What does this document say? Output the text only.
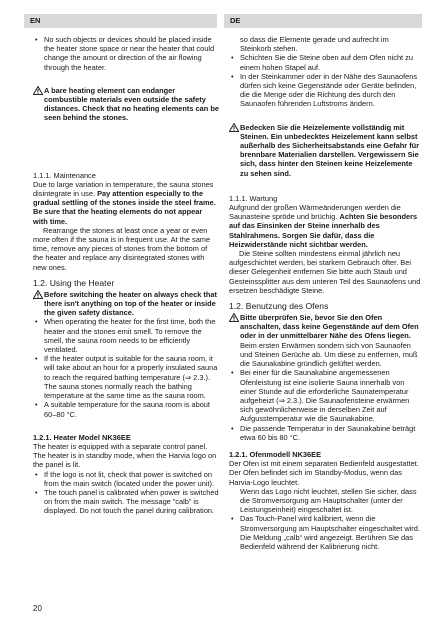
EN	DE
• No such objects or devices should be placed inside the heater stone space or near the heater that could change the amount or direction of the air flowing through the heater.

A bare heating element can endanger combustible materials even outside the safety distances. Check that no heating elements can be seen behind the stones.

1.1.1. Maintenance

Due to large variation in temperature, the sauna stones disintegrate in use. Pay attention especially to the gradual settling of the stones inside the steel frame. Be sure that the heating elements do not appear with time.

Rearrange the stones at least once a year or even more often if the sauna is in frequent use. At the same time, remove any pieces of stones from the bottom of the heater and replace any disintegrated stones with new ones.

1.2. Using the Heater

Before switching the heater on always check that there isn't anything on top of the heater or inside the given safety distance.

• When operating the heater for the first time, both the heater and the stones emit smell. To remove the smell, the sauna room needs to be efficiently ventilated.
• If the heater output is suitable for the sauna room, it will take about an hour for a properly insulated sauna to reach the required bathing temperature (⇒ 2.3.). The sauna stones normally reach the bathing temperature at the same time as the sauna room.
• A suitable temperature for the sauna room is about 60–80 °C.
1.2.1. Heater Model NK36EE

The heater is equipped with a separate control panel. The heater is in standby mode, when the Harvia logo on the panel is lit.

• If the logo is not lit, check that power is switched on from the main switch (located under the power unit).
• The touch panel is calibrated when power is switched on from the main switch. The message ”calb” is displayed. Do not touch the panel during calibration.
so dass die Elemente gerade und aufrecht im Steinkorb stehen.
• Schichten Sie die Steine oben auf dem Ofen nicht zu einem hohen Stapel auf.
• In der Steinkammer oder in der Nähe des Saunaofens dürfen sich keine Gegenstände oder Geräte befinden, die die Menge oder die Richtung des durch den Saunaofen führenden Luftstroms ändern.

Bedecken Sie die Heizelemente vollständig mit Steinen. Ein unbedecktes Heizelement kann selbst außerhalb des Sicherheitsabstands eine Gefahr für brennbare Materialien darstellen. Vergewissern Sie sich, dass hinter den Steinen keine Heizelemente zu sehen sind.

1.1.1. Wartung

Aufgrund der großen Wärmeänderungen werden die Saunasteine spröde und brüchig. Achten Sie besonders auf das Einsinken der Steine innerhalb des Stahlrahmens. Sorgen Sie dafür, dass die Heizwiderstände nicht sichtbar werden.

Die Steine sollten mindestens einmal jährlich neu aufgeschichtet werden, bei starkem Gebrauch öfter. Bei dieser Gelegenheit entfernen Sie bitte auch Staub und Gesteinssplitter aus dem unteren Teil des Saunaofens und ersetzen beschädigte Steine.

1.2. Benutzung des Ofens

Bitte überprüfen Sie, bevor Sie den Ofen anschalten, dass keine Gegenstände auf dem Ofen oder in der unmittelbarer Nähe des Ofens liegen.

Beim ersten Erwärmen sondern sich von Saunaofen und Steinen Gerüche ab. Um diese zu entfernen, muß die Saunakabine gründlich gelüftet werden.
• Bei einer für die Saunakabine angemessenen Ofenleistung ist eine isolierte Sauna innerhalb von einer Stunde auf die erforderliche Saunatemperatur aufgeheizt (⇒ 2.3.). Die Saunaofensteine erwärmen sich gewöhnlicherweise in derselben Zeit auf Aufgusstemperatur wie die Saunakabine.
• Die passende Temperatur in der Saunakabine beträgt etwa 60 bis 80 °C.
1.2.1. Ofenmodell NK36EE

Der Ofen ist mit einem separaten Bedienfeld ausgestattet. Der Ofen befindet sich im Standby-Modus, wenn das Harvia-Logo leuchtet.

Wenn das Logo nicht leuchtet, stellen Sie sicher, dass die Stromversorgung am Hauptschalter (unter der Leistungseinheit) eingeschaltet ist.
• Das Touch-Panel wird kalibriert, wenn die Stromversorgung am Hauptschalter eingeschaltet wird. Die Meldung „calb“ wird angezeigt. Berühren Sie das Bedienfeld während der Kalibrierung nicht.
20
